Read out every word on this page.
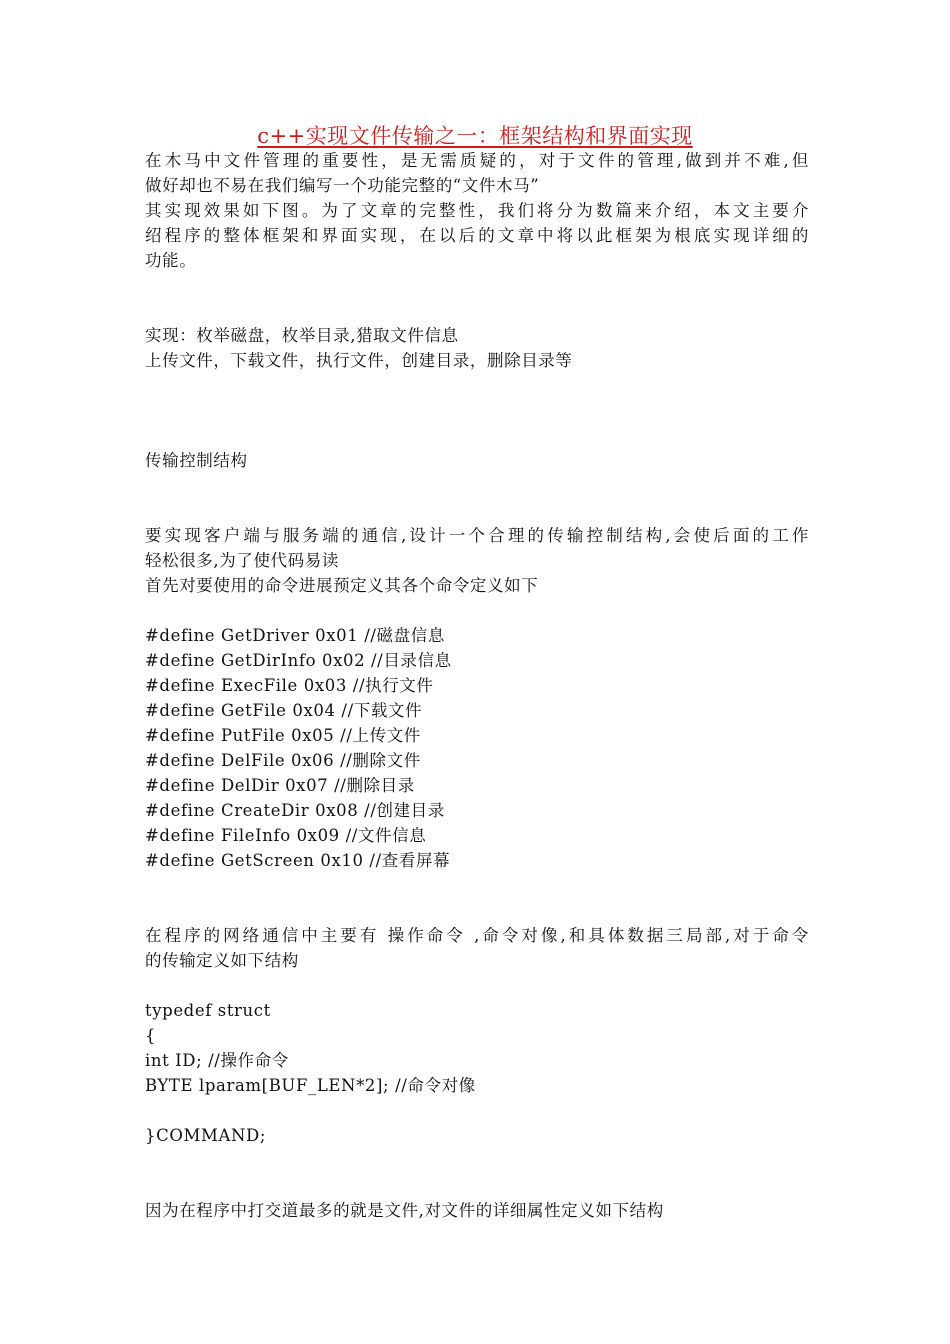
c++实现文件传输之一：框架结构和界面实现
在木马中文件管理的重要性，是无需质疑的，对于文件的管理,做到并不难,但
做好却也不易在我们编写一个功能完整的“文件木马”
其实现效果如下图。为了文章的完整性，我们将分为数篇来介绍，本文主要介
绍程序的整体框架和界面实现，在以后的文章中将以此框架为根底实现详细的
功能。
实现：枚举磁盘，枚举目录,猎取文件信息
上传文件，下载文件，执行文件，创建目录，删除目录等
传输控制结构
要实现客户端与服务端的通信,设计一个合理的传输控制结构,会使后面的工作
轻松很多,为了使代码易读
首先对要使用的命令进展预定义其各个命令定义如下
#define GetDriver 0x01 //磁盘信息
#define GetDirInfo 0x02 //目录信息
#define ExecFile 0x03 //执行文件
#define GetFile 0x04 //下载文件
#define PutFile 0x05 //上传文件
#define DelFile 0x06 //删除文件
#define DelDir 0x07 //删除目录
#define CreateDir 0x08 //创建目录
#define FileInfo 0x09 //文件信息
#define GetScreen 0x10 //查看屏幕
在程序的网络通信中主要有 操作命令 ,命令对像,和具体数据三局部,对于命令
的传输定义如下结构
typedef struct
{
int ID; //操作命令
BYTE lparam[BUF_LEN*2]; //命令对像
}COMMAND;
因为在程序中打交道最多的就是文件,对文件的详细属性定义如下结构
